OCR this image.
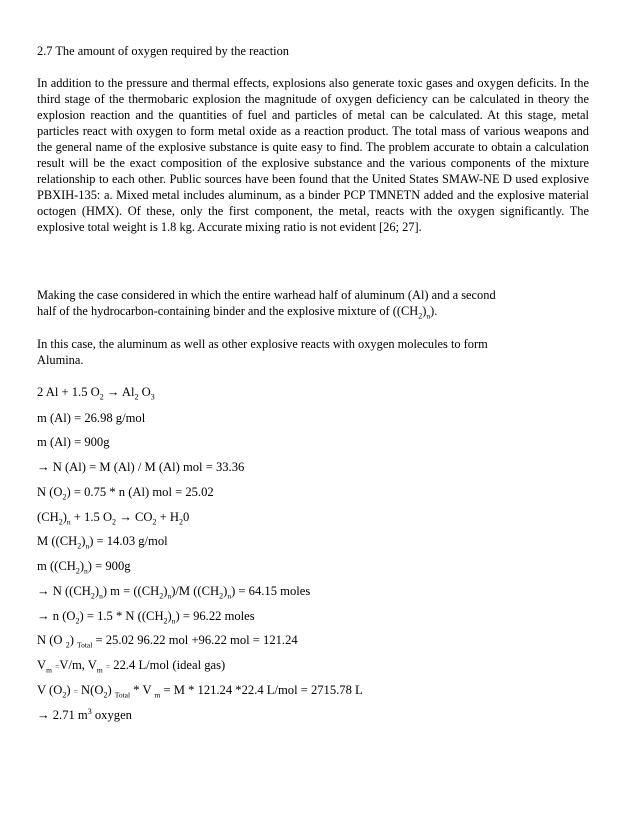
2.7 The amount of oxygen required by the reaction
In addition to the pressure and thermal effects, explosions also generate toxic gases and oxygen deficits. In the third stage of the thermobaric explosion the magnitude of oxygen deficiency can be calculated in theory the explosion reaction and the quantities of fuel and particles of metal can be calculated. At this stage, metal particles react with oxygen to form metal oxide as a reaction product. The total mass of various weapons and the general name of the explosive substance is quite easy to find. The problem accurate to obtain a calculation result will be the exact composition of the explosive substance and the various components of the mixture relationship to each other. Public sources have been found that the United States SMAW-NE D used explosive PBXIH-135: a. Mixed metal includes aluminum, as a binder PCP TMNETN added and the explosive material octogen (HMX). Of these, only the first component, the metal, reacts with the oxygen significantly. The explosive total weight is 1.8 kg. Accurate mixing ratio is not evident [26; 27].
Making the case considered in which the entire warhead half of aluminum (Al) and a second
half of the hydrocarbon-containing binder and the explosive mixture of $((CH_2)_n)$.
In this case, the aluminum as well as other explosive reacts with oxygen molecules to form
Alumina.
2 Al + 1.5 $O_2 \to Al_2$ $O_3$
m (Al) = 26.98 g/mol
m (Al) = 900g
→ N (Al) = M (Al) / M (Al) mol = 33.36
N $(O_2) = 0.75 * n$ (Al) mol = 25.02
$(CH_2)_n + 1.5$ $O_2 \to CO_2 + H_20$
M $((CH_2)_n) = 14.03$ g/mol
m $((CH_2)_n) = 900g$
→ N $((CH_2)_n) m = ((CH_2)_n)/M$ $((CH_2)_n) = 64.15$ moles
→ n $(O_2) = 1.5 * N$ $((CH_2)_n) = 96.22$ moles
N (O $_2$) $_{Total}$ = 25.02 96.22 mol +96.22 mol = 121.24
$V_m =V/m$, $V_m = 22.4$ L/mol (ideal gas)
V $(O_2) = N(O_2)$ $_{Total}$ * V $_m$ = M * 121.24 *22.4 L/mol = 2715.78 L
→ 2.71 $m^3$ oxygen
